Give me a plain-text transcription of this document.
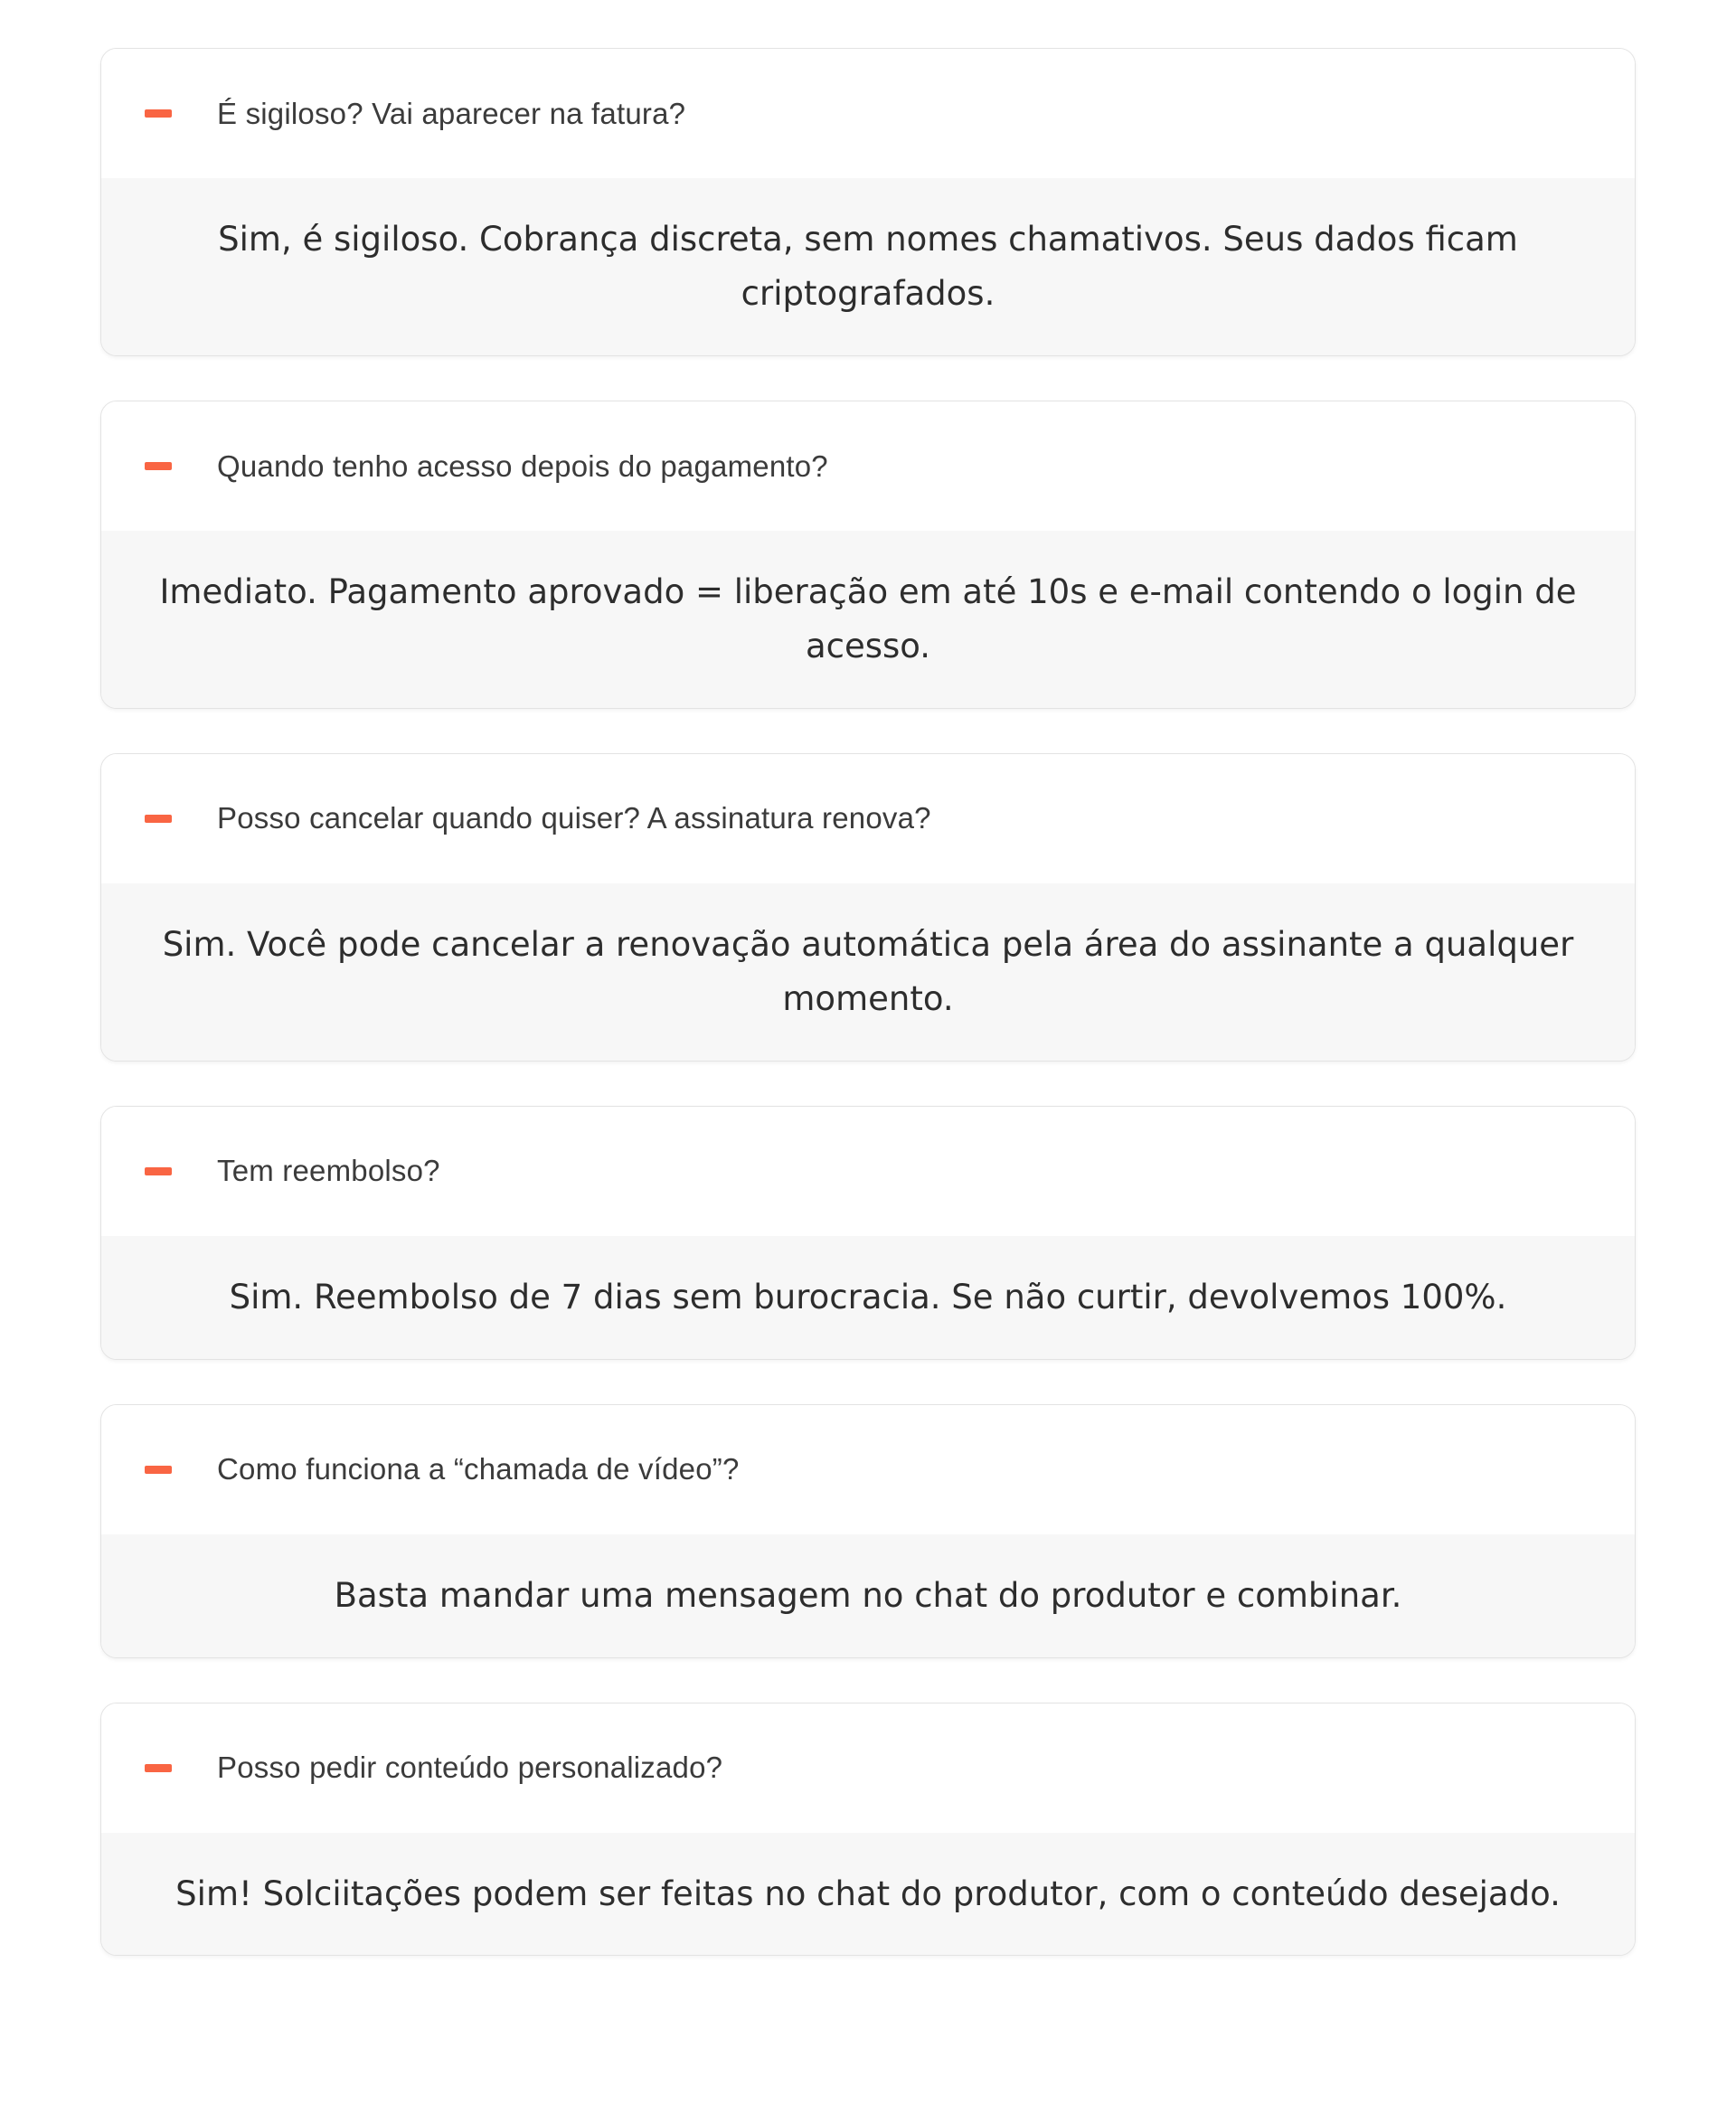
É sigiloso? Vai aparecer na fatura?

Sim, é sigiloso. Cobrança discreta, sem nomes chamativos. Seus dados ficam criptografados.

Quando tenho acesso depois do pagamento?

Imediato. Pagamento aprovado = liberação em até 10s e e-mail contendo o login de acesso.

Posso cancelar quando quiser? A assinatura renova?

Sim. Você pode cancelar a renovação automática pela área do assinante a qualquer momento.

Tem reembolso?

Sim. Reembolso de 7 dias sem burocracia. Se não curtir, devolvemos 100%.

Como funciona a “chamada de vídeo”?

Basta mandar uma mensagem no chat do produtor e combinar.

Posso pedir conteúdo personalizado?

Sim! Solciitações podem ser feitas no chat do produtor, com o conteúdo desejado.
